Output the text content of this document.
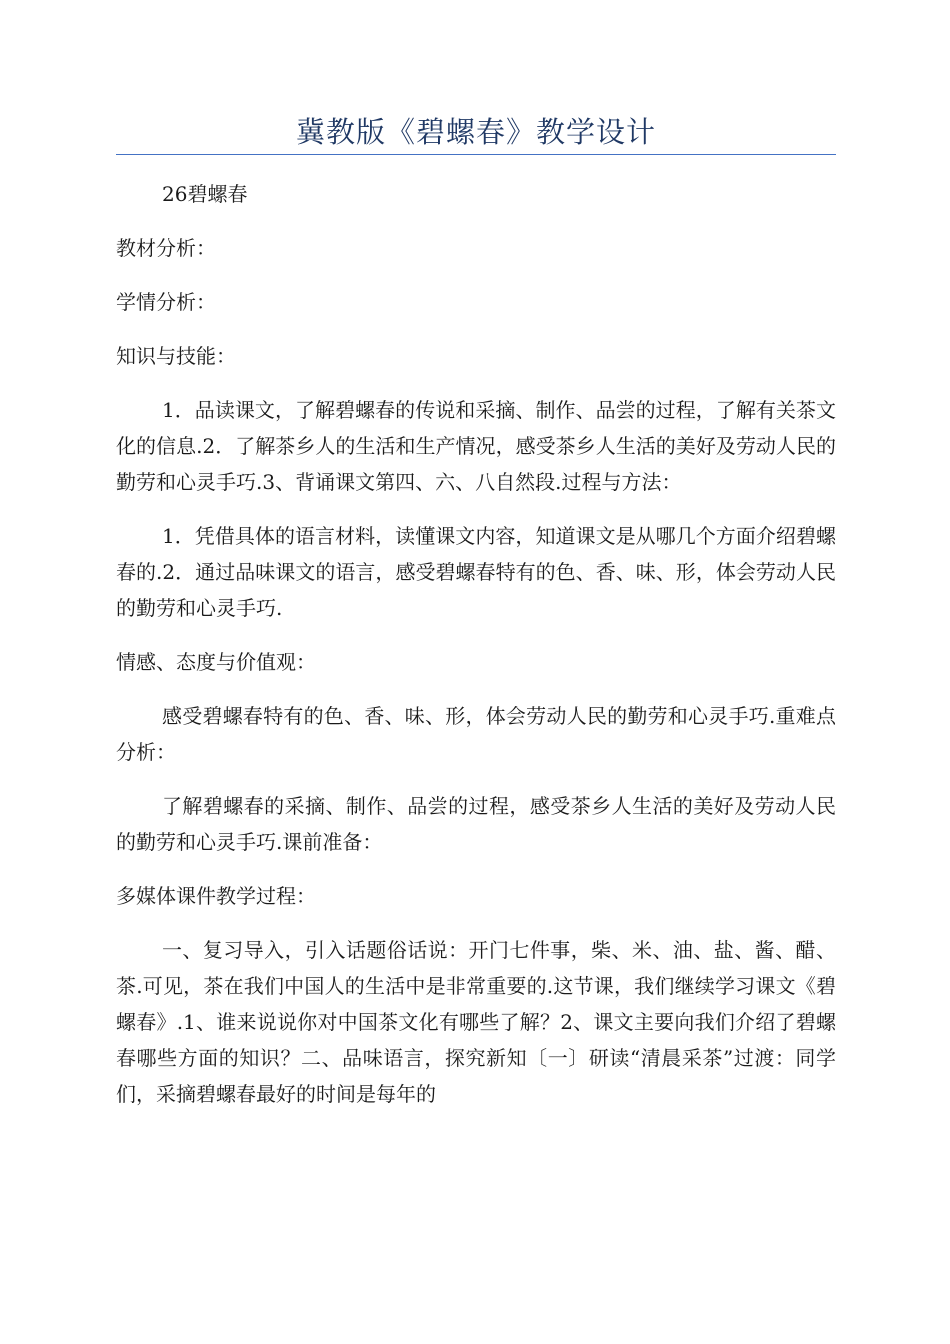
冀教版《碧螺春》教学设计

26碧螺春

教材分析：

学情分析：

知识与技能：

1．品读课文，了解碧螺春的传说和采摘、制作、品尝的过程，了解有关茶文化的信息.2．了解茶乡人的生活和生产情况，感受茶乡人生活的美好及劳动人民的勤劳和心灵手巧.3、背诵课文第四、六、八自然段.过程与方法：

1．凭借具体的语言材料，读懂课文内容，知道课文是从哪几个方面介绍碧螺春的.2．通过品味课文的语言，感受碧螺春特有的色、香、味、形，体会劳动人民的勤劳和心灵手巧.

情感、态度与价值观：

感受碧螺春特有的色、香、味、形，体会劳动人民的勤劳和心灵手巧.重难点分析：

了解碧螺春的采摘、制作、品尝的过程，感受茶乡人生活的美好及劳动人民的勤劳和心灵手巧.课前准备：

多媒体课件教学过程：

一、复习导入，引入话题俗话说：开门七件事，柴、米、油、盐、酱、醋、茶.可见，茶在我们中国人的生活中是非常重要的.这节课，我们继续学习课文《碧螺春》.1、谁来说说你对中国茶文化有哪些了解？2、课文主要向我们介绍了碧螺春哪些方面的知识？二、品味语言，探究新知〔一〕研读“清晨采茶”过渡：同学们，采摘碧螺春最好的时间是每年的
